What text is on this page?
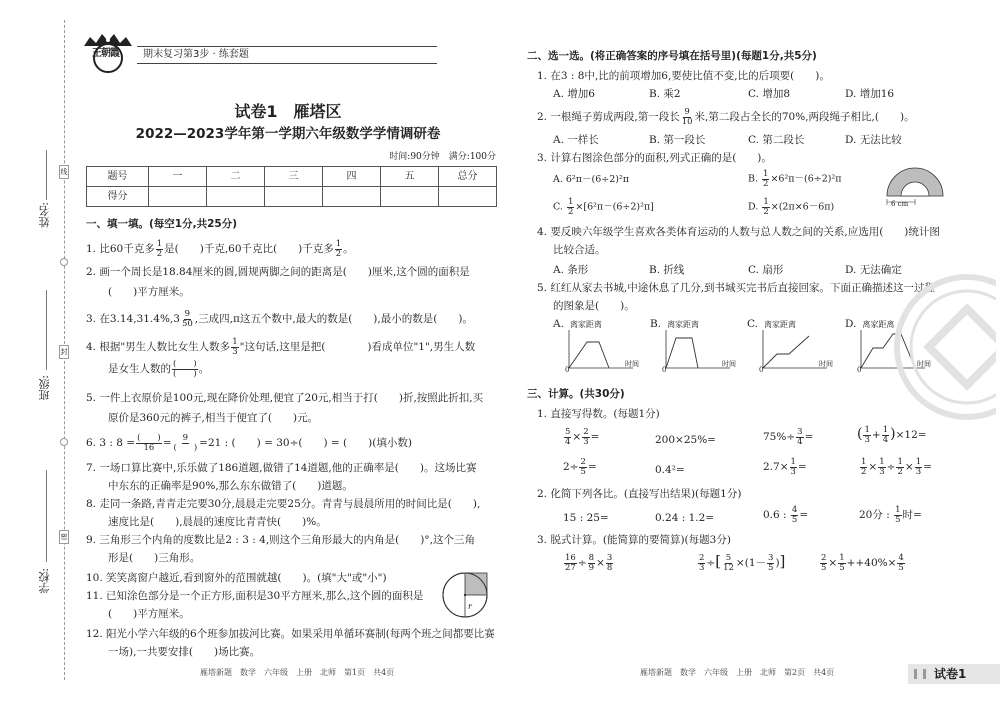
线
封
密
姓名:
班级:
学校:
王朝霞	期末复习第3步 · 练套题
试卷1　雁塔区
2022—2023学年第一学期六年级数学学情调研卷
时间:90分钟　满分:100分
题号	一	二	三	四	五	总分
得分						
一、填一填。(每空1分,共25分)
1. 比60千克多 $\frac{1}{2}$ 是(　　)千克,60千克比(　　)千克多 $\frac{1}{2}$ 。
2. 画一个周长是18.84厘米的圆,圆规两脚之间的距离是(　　)厘米,这个圆的面积是
(　　)平方厘米。
3. 在$3.14,31.4\%,3 \frac{9}{50}$ ,三成四,π这五个数中,最大的数是(　　),最小的数是(　　)。
4. 根据"男生人数比女生人数多 $\frac{1}{3}$ "这句话,这里是把(　　　　)看成单位"1",男生人数
是女生人数的 $\frac{( )}{( )}$ 。
5. 一件上衣原价是100元,现在降价处理,便宜了20元,相当于打(　　)折,按照此折扣,买
原价是360元的裤子,相当于便宜了(　　)元。
6. 3 : $8 = \frac{( )}{16} = \frac{9}{( )} =21$ : (　　) = 30÷(　　) = (　　)(填小数)
7. 一场口算比赛中,乐乐做了186道题,做错了14道题,他的正确率是(　　)。这场比赛
中东东的正确率是90%,那么东东做错了(　　)道题。
8. 走同一条路,青青走完要30分,晨晨走完要25分。青青与晨晨所用的时间比是(　　),
速度比是(　　),晨晨的速度比青青快(　　)%。
9. 三角形三个内角的度数比是2 : 3 : 4,则这个三角形最大的内角是(　　)°,这个三角
形是(　　)三角形。
10. 笑笑离窗户越近,看到窗外的范围就越(　　)。(填"大"或"小")
11. 已知涂色部分是一个正方形,面积是30平方厘米,那么,这个圆的面积是
(　　)平方厘米。
12. 阳光小学六年级的6个班参加拔河比赛。如果采用单循环赛制(每两个班之间都要比赛
一场),一共要安排(　　)场比赛。
r
二、选一选。(将正确答案的序号填在括号里)(每题1分,共5分)
1. 在3 : 8中,比的前项增加6,要使比值不变,比的后项要(　　)。
A. 增加6	B. 乘2	C. 增加8	D. 增加16
2. 一根绳子剪成两段,第一段长 $\frac{9}{10}$ 米,第二段占全长的70%,两段绳子相比,(　　)。
A. 一样长	B. 第一段长	C. 第二段长	D. 无法比较
3. 计算右图涂色部分的面积,列式正确的是(　　)。
A. 6²π－(6÷2)²π	B. $\frac{1}{2} \times 6^2\pi-(6\div 2)^2\pi$
C. $\frac{1}{2} \times[6^2\pi-(6\div 2)^2\pi]$	D. $\frac{1}{2} \times(2\pi\times 6-6\pi)$	6 cm
4. 要反映六年级学生喜欢各类体育运动的人数与总人数之间的关系,应选用(　　)统计图
比较合适。
A. 条形	B. 折线	C. 扇形	D. 无法确定
5. 红红从家去书城,中途休息了几分,到书城买完书后直接回家。下面正确描述这一过程
的图象是(　　)。
A. 离家距离
时间
0
B. 离家距离
时间
0
C. 离家距离
时间
0
D. 离家距离
时间
0
三、计算。(共30分)
1. 直接写得数。(每题1分)
$\frac{5}{4} \times \frac{2}{3}$ =	200×25%=	$75\%\div \frac{3}{4}$ =	( $\frac{1}{3} + \frac{1}{4} )\times 12=$
$2\div \frac{2}{5}$ =	0.4²=	$2.7\times \frac{1}{3}$ =	$\frac{1}{2} \times \frac{1}{3} \div \frac{1}{2} \times \frac{1}{3}$ =
2. 化简下列各比。(直接写出结果)(每题1分)
15 : 25=	0.24 : 1.2=	0.6 : $\frac{4}{5}$ =	20分 : $\frac{1}{5}$ 时=
3. 脱式计算。(能简算的要简算)(每题3分)
$\frac{16}{27} \div \frac{8}{9} \times \frac{3}{8}$	$\frac{2}{3}$ ÷[ $\frac{5}{12} \times(1- \frac{3}{5}$ )]	$\frac{2}{5} \times \frac{1}{5} ++40\%\times \frac{4}{5}$
雁塔新题　数学　六年级　上册　北师　第1页　共4页	雁塔新题　数学　六年级　上册　北师　第2页　共4页	试卷1
